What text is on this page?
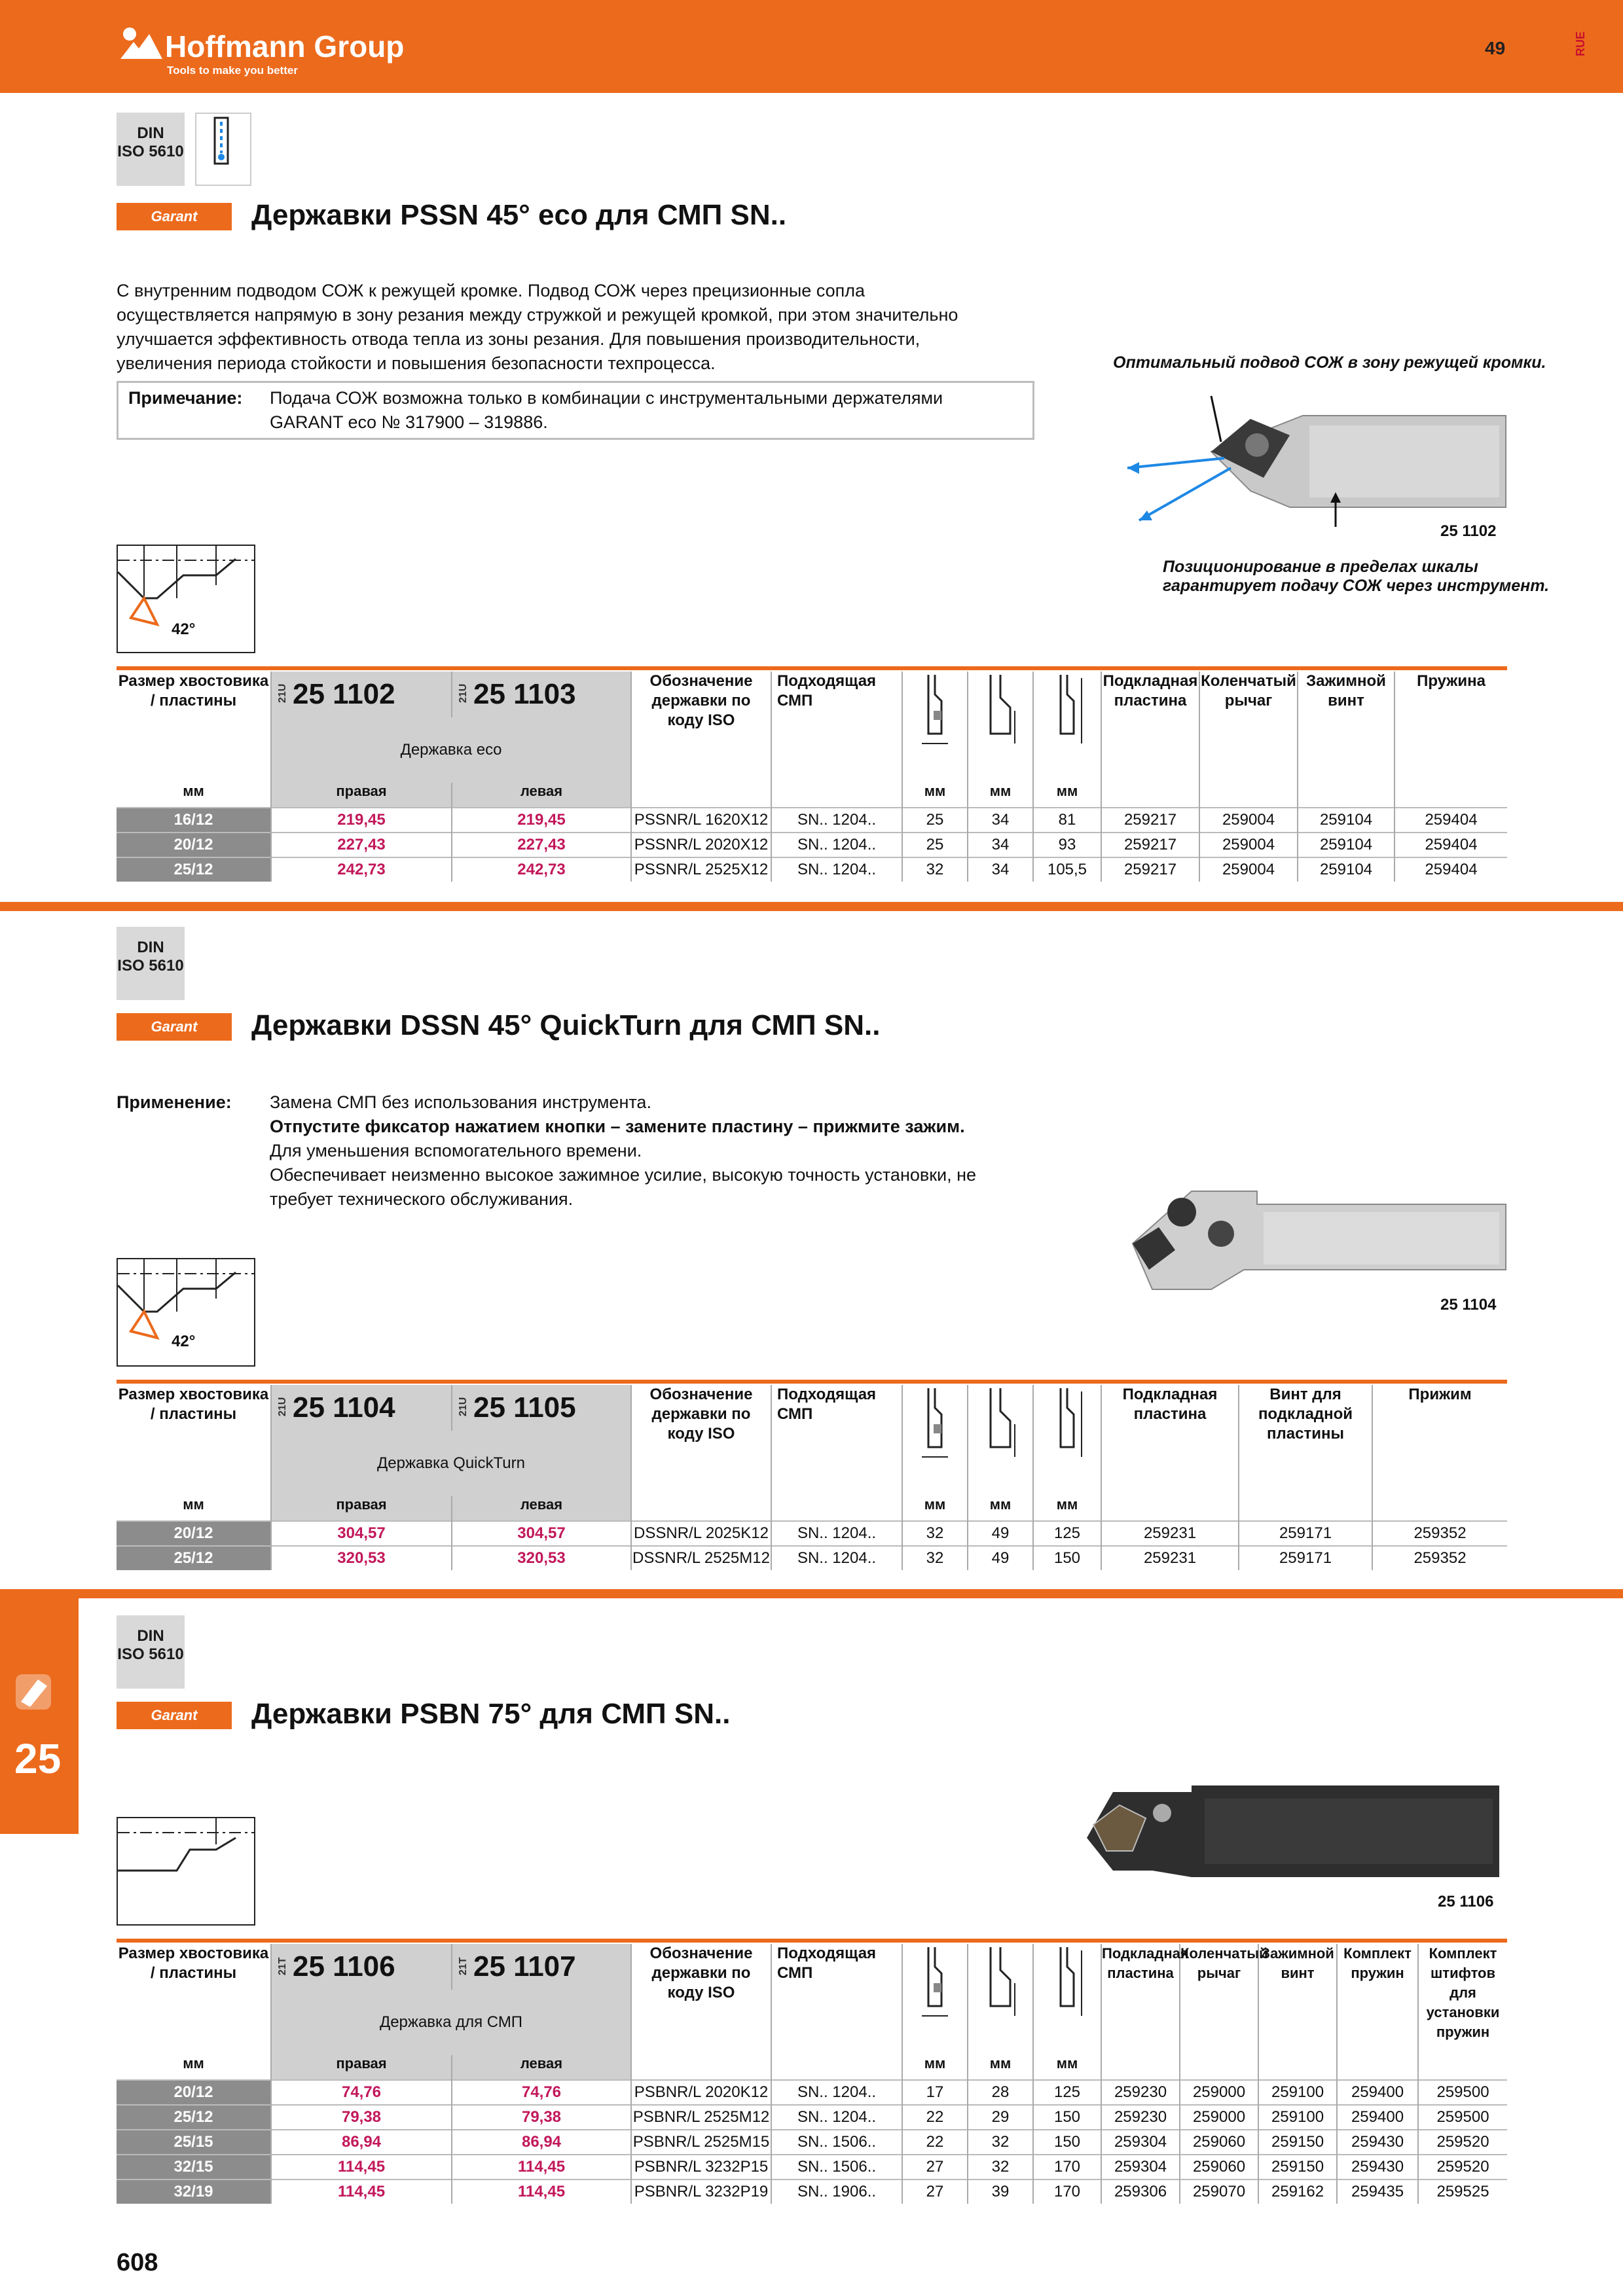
Hoffmann Group
Tools to make you better
49	RUE
DIN
ISO 5610
Garant	Державки PSSN 45° eco для СМП SN..
С внутренним подводом СОЖ к режущей кромке. Подвод СОЖ через прецизионные сопла
осуществляется напрямую в зону резания между стружкой и режущей кромкой, при этом значительно
улучшается эффективность отвода тепла из зоны резания. Для повышения производительности,
увеличения периода стойкости и повышения безопасности техпроцесса.
Примечание: Подача СОЖ возможна только в комбинации с инструментальными держателями
GARANT eco № 317900 – 319886.
Оптимальный подвод СОЖ в зону режущей кромки.
25 1102
Позиционирование в пределах шкалы
гарантирует подачу СОЖ через инструмент.
42°
Размер хвостовика
/ пластины	21U 25 1102	21U 25 1103	Обозначение державки по коду ISO	Подходящая СМП				Подкладная пластина	Коленчатый рычаг	Зажимной винт	Пружина
	Державка eco										
мм	правая	левая			мм	мм	мм				
16/12	219,45	219,45	PSSNR/L 1620X12	SN.. 1204..	25	34	81	259217	259004	259104	259404
20/12	227,43	227,43	PSSNR/L 2020X12	SN.. 1204..	25	34	93	259217	259004	259104	259404
25/12	242,73	242,73	PSSNR/L 2525X12	SN.. 1204..	32	34	105,5	259217	259004	259104	259404
DIN
ISO 5610
Garant	Державки DSSN 45° QuickTurn для СМП SN..
Применение: Замена СМП без использования инструмента.
Отпустите фиксатор нажатием кнопки – замените пластину – прижмите зажим.
Для уменьшения вспомогательного времени.
Обеспечивает неизменно высокое зажимное усилие, высокую точность установки, не
требует технического обслуживания.
25 1104
42°
Размер хвостовика
/ пластины	21U 25 1104	21U 25 1105	Обозначение державки по коду ISO	Подходящая СМП				Подкладная пластина	Винт для подкладной пластины	Прижим
	Державка QuickTurn									
мм	правая	левая			мм	мм	мм			
20/12	304,57	304,57	DSSNR/L 2025K12	SN.. 1204..	32	49	125	259231	259171	259352
25/12	320,53	320,53	DSSNR/L 2525M12	SN.. 1204..	32	49	150	259231	259171	259352
25
DIN
ISO 5610
Garant	Державки PSBN 75° для СМП SN..
25 1106
Размер хвостовика
/ пластины	21T 25 1106	21T 25 1107	Обозначение державки по коду ISO	Подходящая СМП				Подкладная пластина	Коленчатый рычаг	Зажимной винт	Комплект пружин	Комплект штифтов для установки пружин
	Державка для СМП											
мм	правая	левая			мм	мм	мм					
20/12	74,76	74,76	PSBNR/L 2020K12	SN.. 1204..	17	28	125	259230	259000	259100	259400	259500
25/12	79,38	79,38	PSBNR/L 2525M12	SN.. 1204..	22	29	150	259230	259000	259100	259400	259500
25/15	86,94	86,94	PSBNR/L 2525M15	SN.. 1506..	22	32	150	259304	259060	259150	259430	259520
32/15	114,45	114,45	PSBNR/L 3232P15	SN.. 1506..	27	32	170	259304	259060	259150	259430	259520
32/19	114,45	114,45	PSBNR/L 3232P19	SN.. 1906..	27	39	170	259306	259070	259162	259435	259525
608
